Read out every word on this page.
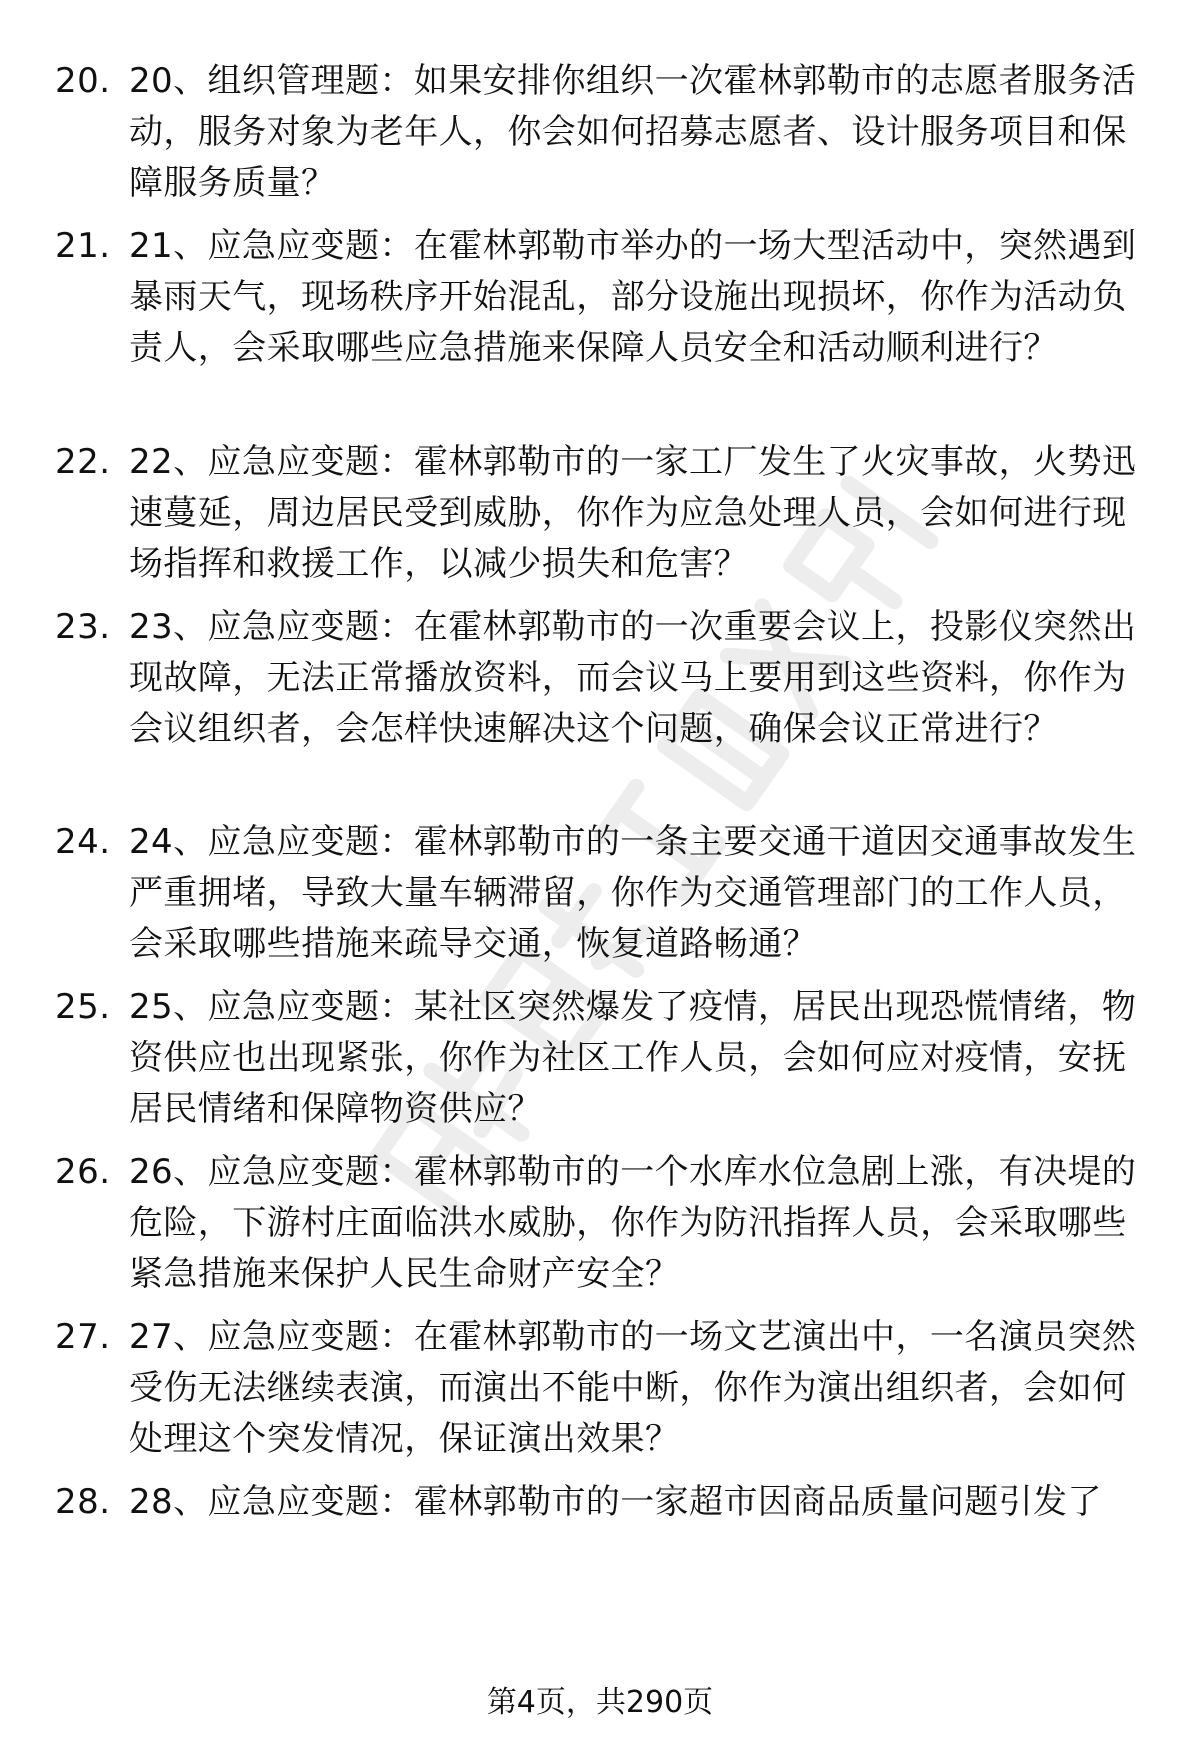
20. 20、组织管理题：如果安排你组织一次霍林郭勒市的志愿者服务活动，服务对象为老年人，你会如何招募志愿者、设计服务项目和保障服务质量？
21. 21、应急应变题：在霍林郭勒市举办的一场大型活动中，突然遇到暴雨天气，现场秩序开始混乱，部分设施出现损坏，你作为活动负责人，会采取哪些应急措施来保障人员安全和活动顺利进行？
22. 22、应急应变题：霍林郭勒市的一家工厂发生了火灾事故，火势迅速蔓延，周边居民受到威胁，你作为应急处理人员，会如何进行现场指挥和救援工作，以减少损失和危害？
23. 23、应急应变题：在霍林郭勒市的一次重要会议上，投影仪突然出现故障，无法正常播放资料，而会议马上要用到这些资料，你作为会议组织者，会怎样快速解决这个问题，确保会议正常进行？
24. 24、应急应变题：霍林郭勒市的一条主要交通干道因交通事故发生严重拥堵，导致大量车辆滞留，你作为交通管理部门的工作人员，会采取哪些措施来疏导交通，恢复道路畅通？
25. 25、应急应变题：某社区突然爆发了疫情，居民出现恐慌情绪，物资供应也出现紧张，你作为社区工作人员，会如何应对疫情，安抚居民情绪和保障物资供应？
26. 26、应急应变题：霍林郭勒市的一个水库水位急剧上涨，有决堤的危险，下游村庄面临洪水威胁，你作为防汛指挥人员，会采取哪些紧急措施来保护人民生命财产安全？
27. 27、应急应变题：在霍林郭勒市的一场文艺演出中，一名演员突然受伤无法继续表演，而演出不能中断，你作为演出组织者，会如何处理这个突发情况，保证演出效果？
28. 28、应急应变题：霍林郭勒市的一家超市因商品质量问题引发了
第4页，共290页
